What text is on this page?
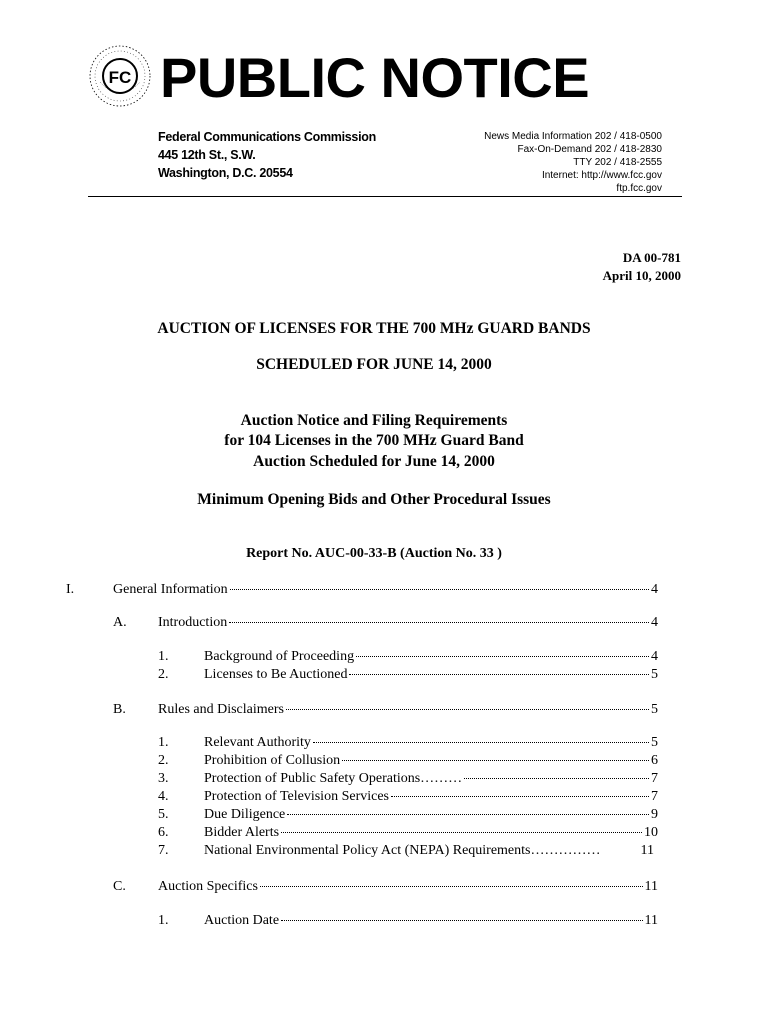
FC PUBLIC NOTICE
Federal Communications Commission
445 12th St., S.W.
Washington, D.C. 20554
News Media Information 202 / 418-0500
Fax-On-Demand 202 / 418-2830
TTY 202 / 418-2555
Internet: http://www.fcc.gov
ftp.fcc.gov
DA 00-781
April 10, 2000
AUCTION OF LICENSES FOR THE 700 MHz GUARD BANDS
SCHEDULED FOR JUNE 14, 2000
Auction Notice and Filing Requirements
for 104 Licenses in the 700 MHz Guard Band
Auction Scheduled for June 14, 2000
Minimum Opening Bids and Other Procedural Issues
Report No. AUC-00-33-B (Auction No. 33 )
I.	General Information	4
A. Introduction	4
1.	Background of Proceeding	4
2.	Licenses to Be Auctioned	5
B. Rules and Disclaimers	5
1.	Relevant Authority	5
2.	Prohibition of Collusion	6
3.	Protection of Public Safety Operations………	7
4.	Protection of Television Services	7
5.	Due Diligence	9
6.	Bidder Alerts	10
7.	National Environmental Policy Act (NEPA) Requirements……………	11
C. Auction Specifics	11
1.	Auction Date	11
